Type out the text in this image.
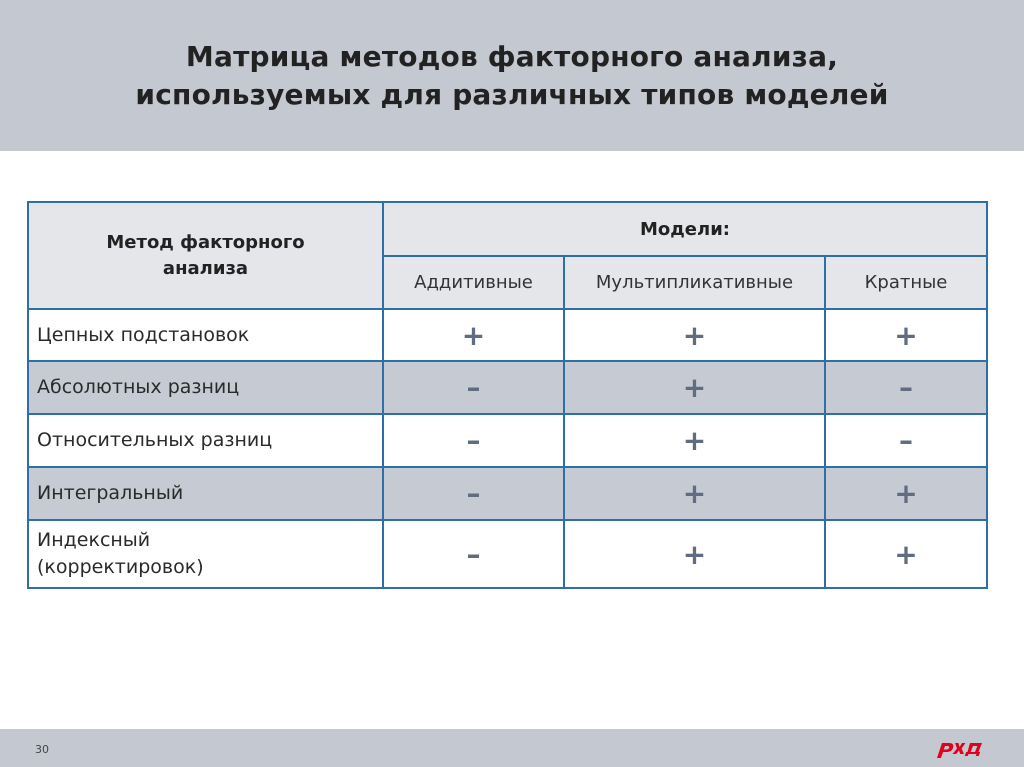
Матрица методов факторного анализа,
используемых для различных типов моделей
Метод факторного
анализа	Модели:		
	Аддитивные	Мультипликативные	Кратные

Цепных подстановок	+	+	+

Абсолютных разниц	–	+	–

Относительных разниц	–	+	–

Интегральный	–	+	+

Индексный
(корректировок)	–	+	+
30
